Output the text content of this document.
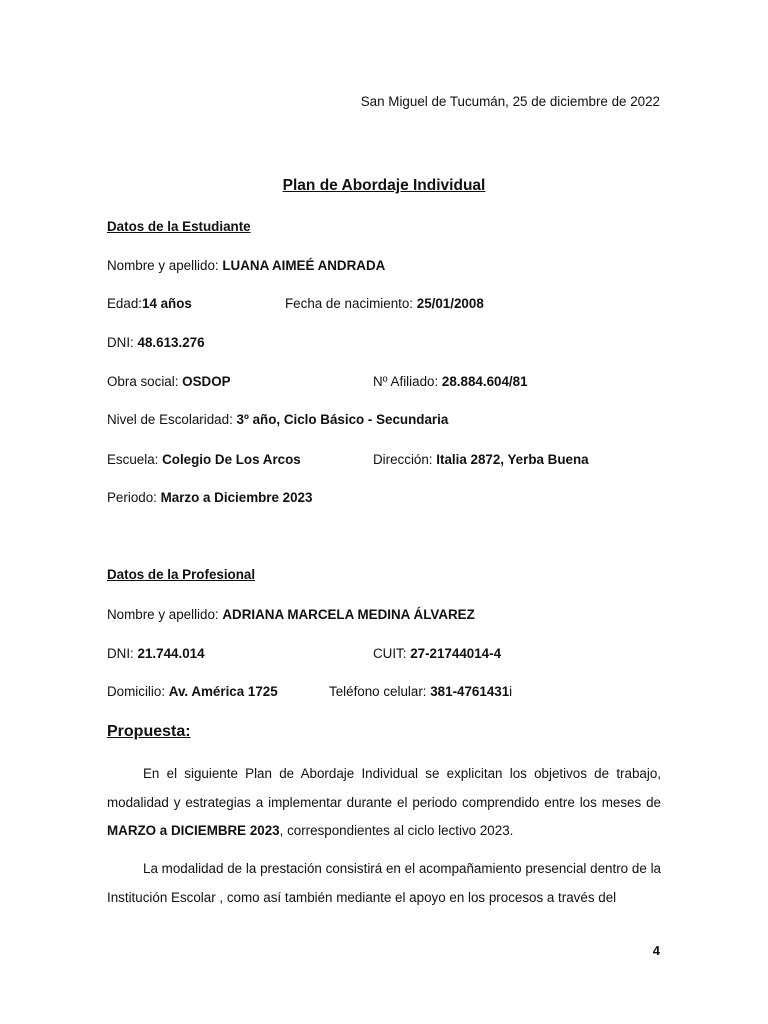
San Miguel de Tucumán, 25 de diciembre de 2022
Plan de Abordaje Individual
Datos de la Estudiante
Nombre y apellido: LUANA AIMEÉ ANDRADA
Edad:14 años	Fecha de nacimiento: 25/01/2008
DNI: 48.613.276
Obra social: OSDOP	Nº Afiliado: 28.884.604/81
Nivel de Escolaridad: 3º año, Ciclo Básico - Secundaria
Escuela: Colegio De Los Arcos	Dirección: Italia 2872, Yerba Buena
Periodo: Marzo a Diciembre 2023
Datos de la Profesional
Nombre y apellido: ADRIANA MARCELA MEDINA ÁLVAREZ
DNI: 21.744.014	CUIT: 27-21744014-4
Domicilio: Av. América 1725	Teléfono celular: 381-4761431i
Propuesta:
En el siguiente Plan de Abordaje Individual se explicitan los objetivos de trabajo, modalidad y estrategias a implementar durante el periodo comprendido entre los meses de MARZO a DICIEMBRE 2023, correspondientes al ciclo lectivo 2023.
La modalidad de la prestación consistirá en el acompañamiento presencial dentro de la Institución Escolar , como así también mediante el apoyo en los procesos a través del
4
